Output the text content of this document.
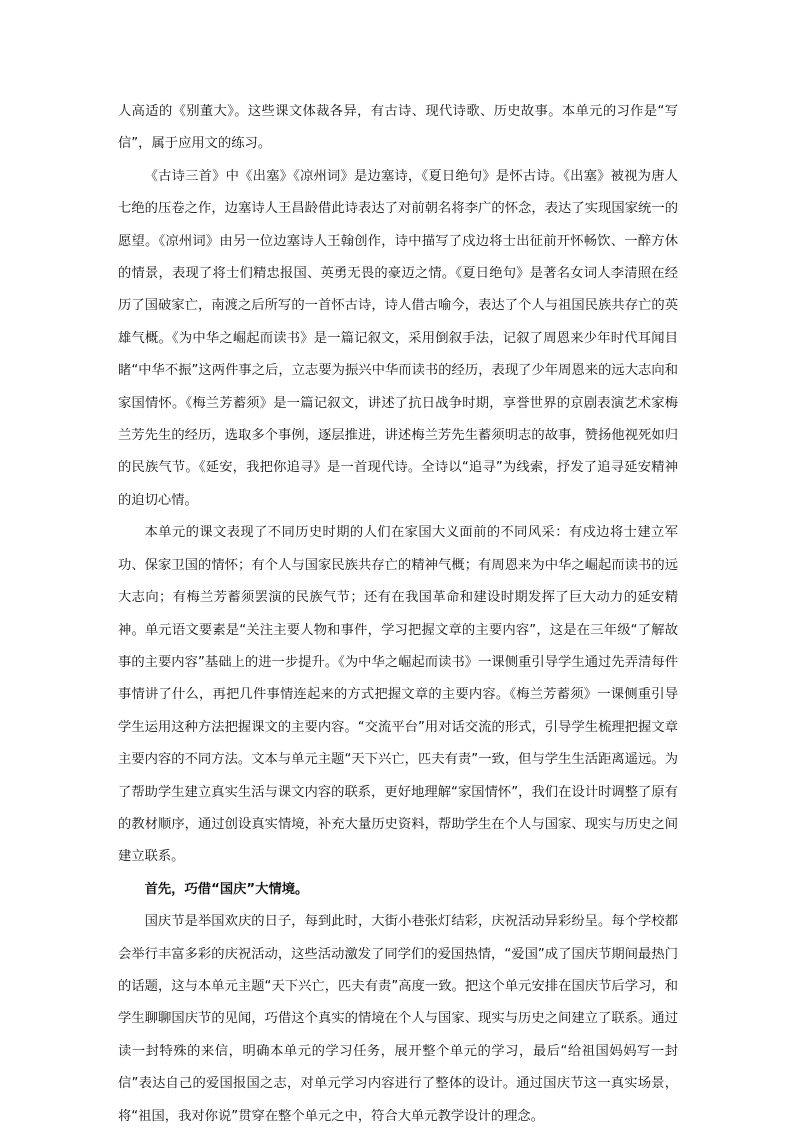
人高适的《别董大》。这些课文体裁各异，有古诗、现代诗歌、历史故事。本单元的习作是“写信”，属于应用文的练习。

《古诗三首》中《出塞》《凉州词》是边塞诗，《夏日绝句》是怀古诗。《出塞》被视为唐人七绝的压卷之作，边塞诗人王昌龄借此诗表达了对前朝名将李广的怀念，表达了实现国家统一的愿望。《凉州词》由另一位边塞诗人王翰创作，诗中描写了戍边将士出征前开怀畅饮、一醉方休的情景，表现了将士们精忠报国、英勇无畏的豪迈之情。《夏日绝句》是著名女词人李清照在经历了国破家亡，南渡之后所写的一首怀古诗，诗人借古喻今，表达了个人与祖国民族共存亡的英雄气概。《为中华之崛起而读书》是一篇记叙文，采用倒叙手法，记叙了周恩来少年时代耳闻目睹“中华不振”这两件事之后，立志要为振兴中华而读书的经历，表现了少年周恩来的远大志向和家国情怀。《梅兰芳蓄须》是一篇记叙文，讲述了抗日战争时期，享誉世界的京剧表演艺术家梅兰芳先生的经历，选取多个事例，逐层推进，讲述梅兰芳先生蓄须明志的故事，赞扬他视死如归的民族气节。《延安，我把你追寻》是一首现代诗。全诗以“追寻”为线索，抒发了追寻延安精神的迫切心情。

本单元的课文表现了不同历史时期的人们在家国大义面前的不同风采：有戍边将士建立军功、保家卫国的情怀；有个人与国家民族共存亡的精神气概；有周恩来为中华之崛起而读书的远大志向；有梅兰芳蓄须罢演的民族气节；还有在我国革命和建设时期发挥了巨大动力的延安精神。单元语文要素是“关注主要人物和事件，学习把握文章的主要内容”，这是在三年级“了解故事的主要内容”基础上的进一步提升。《为中华之崛起而读书》一课侧重引导学生通过先弄清每件事情讲了什么，再把几件事情连起来的方式把握文章的主要内容。《梅兰芳蓄须》一课侧重引导学生运用这种方法把握课文的主要内容。“交流平台”用对话交流的形式，引导学生梳理把握文章主要内容的不同方法。文本与单元主题“天下兴亡，匹夫有责”一致，但与学生生活距离遥远。为了帮助学生建立真实生活与课文内容的联系，更好地理解“家国情怀”，我们在设计时调整了原有的教材顺序，通过创设真实情境，补充大量历史资料，帮助学生在个人与国家、现实与历史之间建立联系。

首先，巧借“国庆”大情境。

国庆节是举国欢庆的日子，每到此时，大街小巷张灯结彩，庆祝活动异彩纷呈。每个学校都会举行丰富多彩的庆祝活动，这些活动激发了同学们的爱国热情，“爱国”成了国庆节期间最热门的话题，这与本单元主题“天下兴亡，匹夫有责”高度一致。把这个单元安排在国庆节后学习，和学生聊聊国庆节的见闻，巧借这个真实的情境在个人与国家、现实与历史之间建立了联系。通过读一封特殊的来信，明确本单元的学习任务，展开整个单元的学习，最后“给祖国妈妈写一封信”表达自己的爱国报国之志，对单元学习内容进行了整体的设计。通过国庆节这一真实场景，将“祖国，我对你说”贯穿在整个单元之中，符合大单元教学设计的理念。
